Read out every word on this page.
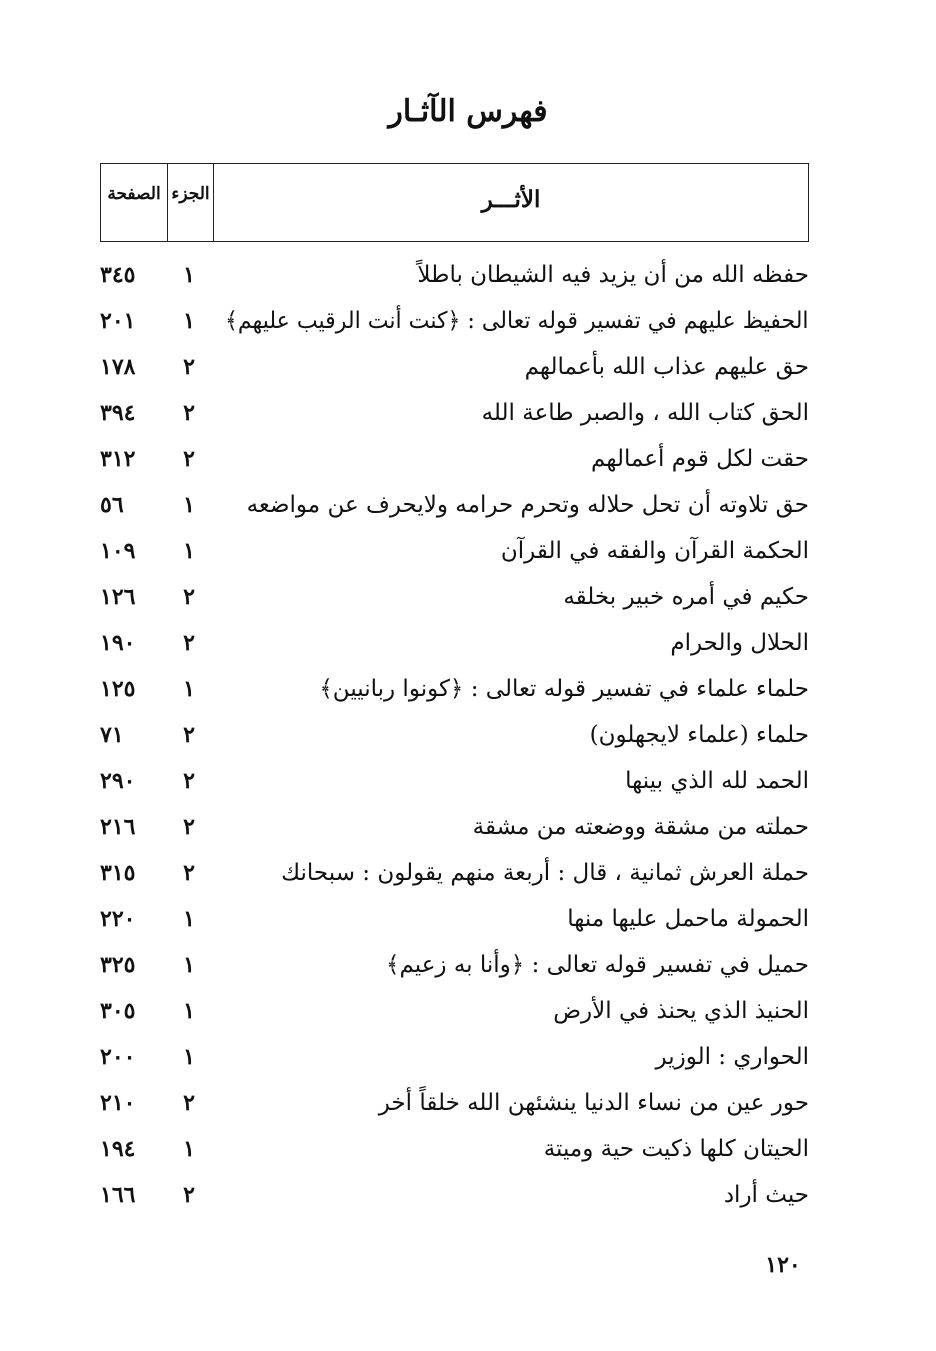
فهرس الآثـار
الأثـــر
الجزء
الصفحة
حفظه الله من أن يزيد فيه الشيطان باطلاً
١
٣٤٥
الحفيظ عليهم في تفسير قوله تعالى : ﴿كنت أنت الرقيب عليهم﴾
١
٢٠١
حق عليهم عذاب الله بأعمالهم
٢
١٧٨
الحق كتاب الله ، والصبر طاعة الله
٢
٣٩٤
حقت لكل قوم أعمالهم
٢
٣١٢
حق تلاوته أن تحل حلاله وتحرم حرامه ولايحرف عن مواضعه
١
٥٦
الحكمة القرآن والفقه في القرآن
١
١٠٩
حكيم في أمره خبير بخلقه
٢
١٢٦
الحلال والحرام
٢
١٩٠
حلماء علماء في تفسير قوله تعالى : ﴿كونوا ربانيين﴾
١
١٢٥
حلماء (علماء لايجهلون)
٢
٧١
الحمد لله الذي بينها
٢
٢٩٠
حملته من مشقة ووضعته من مشقة
٢
٢١٦
حملة العرش ثمانية ، قال : أربعة منهم يقولون : سبحانك
٢
٣١٥
الحمولة ماحمل عليها منها
١
٢٢٠
حميل في تفسير قوله تعالى : ﴿وأنا به زعيم﴾
١
٣٢٥
الحنيذ الذي يحنذ في الأرض
١
٣٠٥
الحواري : الوزير
١
٢٠٠
حور عين من نساء الدنيا ينشئهن الله خلقاً أخر
٢
٢١٠
الحيتان كلها ذكيت حية وميتة
١
١٩٤
حيث أراد
٢
١٦٦
١٢٠
